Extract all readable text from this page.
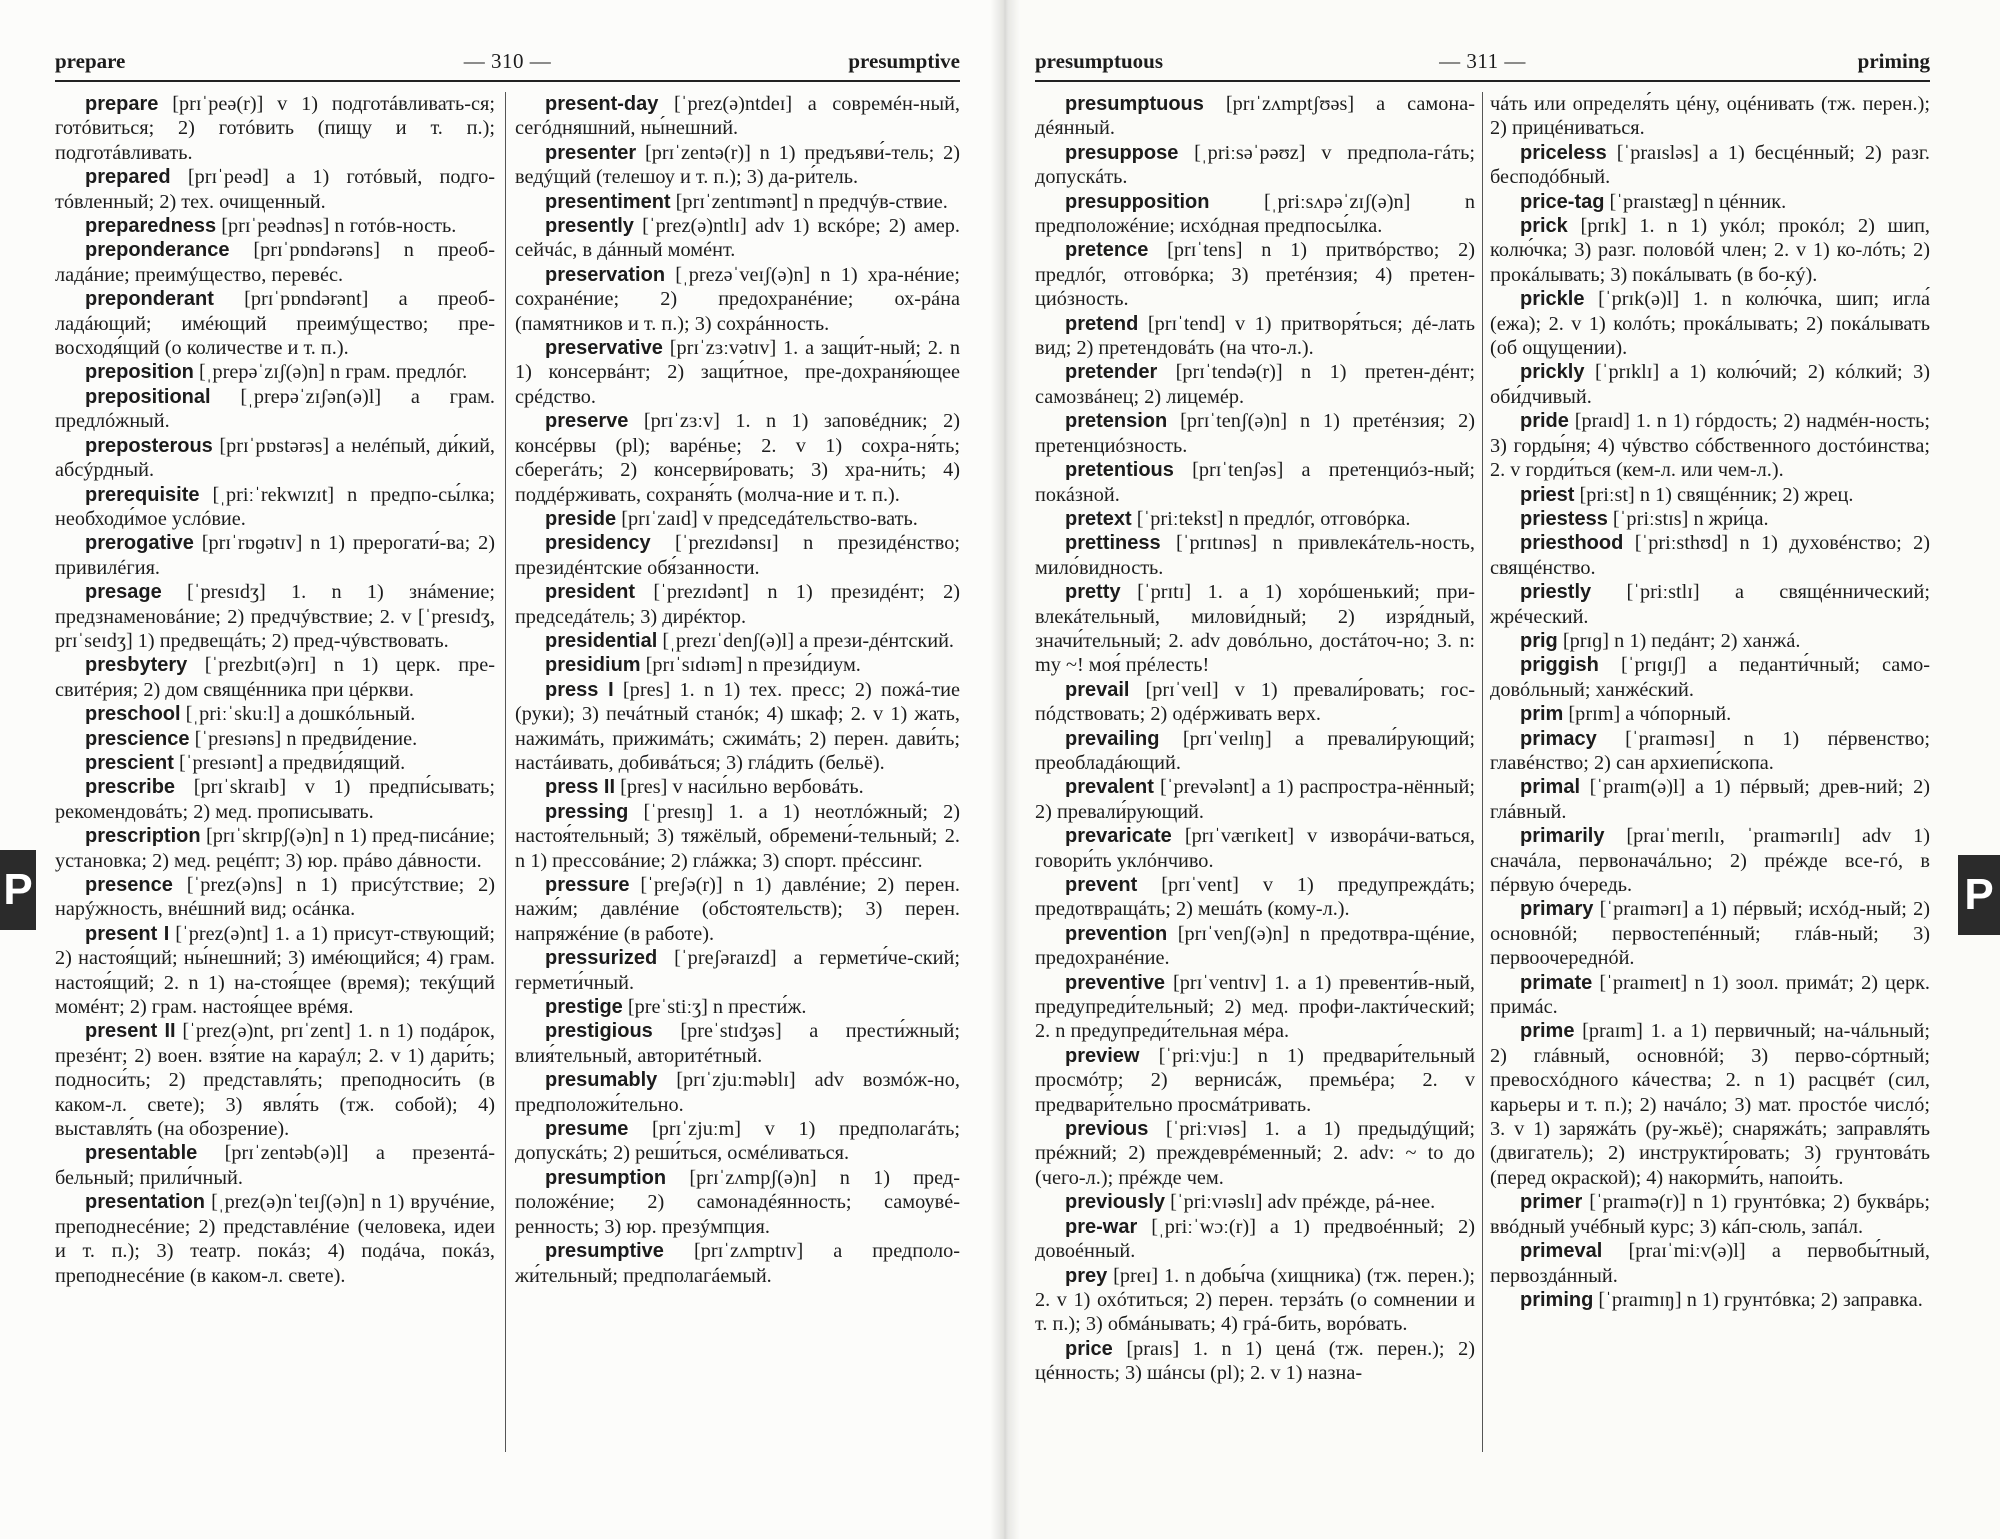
prepare	— 310 —	presumptive

prepare [prɪˈpeə(r)] v 1) подготáвливать-ся; готóвиться; 2) готóвить (пищу и т. п.); подготáвливать.

prepared [prɪˈpeəd] a 1) готóвый, подго-тóвленный; 2) тех. очищенный.

preparedness [prɪˈpeədnəs] n готóв-ность.

preponderance [prɪˈpɒndərəns] n преоб-ладáние; преимýщество, перевéс.

preponderant [prɪˈpɒndərənt] a преоб-ладáющий; имéющий преимýщество; пре-восходя́щий (о количестве и т. п.).

preposition [ˌprepəˈzɪʃ(ə)n] n грам. предлóг.

prepositional [ˌprepəˈzɪʃən(ə)l] a грам. предлóжный.

preposterous [prɪˈpɒstərəs] a нелéпый, ди́кий, абсýрдный.

prerequisite [ˌpriːˈrekwɪzɪt] n предпо-сы́лка; необходи́мое услóвие.

prerogative [prɪˈrɒɡətɪv] n 1) прерогати́-ва; 2) привилéгия.

presage [ˈpresɪdʒ] 1. n 1) знáмение; предзнаменовáние; 2) предчýвствие; 2. v [ˈpresɪdʒ, prɪˈseɪdʒ] 1) предвещáть; 2) пред-чýвствовать.

presbytery [ˈprezbɪt(ə)rɪ] n 1) церк. пре-свитéрия; 2) дом свящéнника при цéркви.

preschool [ˌpriːˈskuːl] a дошкóльный.

prescience [ˈpresɪəns] n предви́дение.

prescient [ˈpresɪənt] a предви́дящий.

prescribe [prɪˈskraɪb] v 1) предпи́сывать; рекомендовáть; 2) мед. прописывать.

prescription [prɪˈskrɪpʃ(ə)n] n 1) пред-писáние; установка; 2) мед. рецéпт; 3) юр. прáво дáвности.

presence [ˈprez(ə)ns] n 1) присýтствие; 2) нарýжность, внéшний вид; осáнка.

present I [ˈprez(ə)nt] 1. a 1) присут-ствующий; 2) настоя́щий; ны́нешний; 3) имéющийся; 4) грам. настоя́щий; 2. n 1) на-стоя́щее (время); текýщий момéнт; 2) грам. настоя́щее врéмя.

present II [ˈprez(ə)nt, prɪˈzent] 1. n 1) подáрок, презéнт; 2) воен. взя́тие на карaýл; 2. v 1) дари́ть; подноси́ть; 2) представля́ть; преподноси́ть (в каком-л. свете); 3) явля́ть (тж. собой); 4) выставля́ть (на обозрение).

presentable [prɪˈzentəb(ə)l] a презентá-бельный; прили́чный.

presentation [ˌprez(ə)nˈteɪʃ(ə)n] n 1) вручéние, преподнесéние; 2) представлéние (человека, идеи и т. п.); 3) театр. покáз; 4) подáча, покáз, преподнесéние (в каком-л. свете).

present-day [ˈprez(ə)ntdeɪ] a соврeмéн-ный, сегóдняшний, ны́нешний.

presenter [prɪˈzentə(r)] n 1) предъяви́-тель; 2) ведýщий (телешоу и т. п.); 3) да-ри́тель.

presentiment [prɪˈzentɪmənt] n предчýв-ствие.

presently [ˈprez(ə)ntlɪ] adv 1) вскóре; 2) амер. сейчáс, в дáнный момéнт.

preservation [ˌprezəˈveɪʃ(ə)n] n 1) хра-нéние; сохранéние; 2) предохранéние; ох-рáна (памятников и т. п.); 3) сохрáнность.

preservative [prɪˈzɜːvətɪv] 1. a защи́т-ный; 2. n 1) консервáнт; 2) защи́тное, пре-дохраня́ющее срéдство.

preserve [prɪˈzɜːv] 1. n 1) заповéдник; 2) консéрвы (pl); варéнье; 2. v 1) сохра-ня́ть; сберегáть; 2) консерви́ровать; 3) хра-ни́ть; 4) поддéрживать, сохраня́ть (молча-ние и т. п.).

preside [prɪˈzaɪd] v председáтельство-вать.

presidency [ˈprezɪdənsɪ] n президéнство; президéнтские обя́занности.

president [ˈprezɪdənt] n 1) президéнт; 2) председáтель; 3) дирéктор.

presidential [ˌprezɪˈdenʃ(ə)l] a прези-дéнтский.

presidium [prɪˈsɪdɪəm] n прези́диум.

press I [pres] 1. n 1) тех. пресс; 2) пожá-тие (руки); 3) печáтный станóк; 4) шкаф; 2. v 1) жать, нажимáть, прижимáть; сжимáть; 2) перен. дави́ть; настáивать, добивáться; 3) глáдить (бельё).

press II [pres] v наси́льно вербовáть.

pressing [ˈpresɪŋ] 1. a 1) неотлóжный; 2) настоя́тельный; 3) тяжёлый, обремени́-тельный; 2. n 1) прессовáние; 2) глáжка; 3) спорт. прéссинг.

pressure [ˈpreʃə(r)] n 1) давлéние; 2) перен. нажи́м; давлéние (обстоятельств); 3) перен. напряжéние (в работе).

pressurized [ˈpreʃəraɪzd] a гермети́че-ский; гермети́чный.

prestige [preˈstiːʒ] n прести́ж.

prestigious [preˈstɪdʒəs] a прести́жный; влия́тельный, авторитéтный.

presumably [prɪˈzjuːməblɪ] adv возмóж-но, предположи́тельно.

presume [prɪˈzjuːm] v 1) предполагáть; допускáть; 2) реши́ться, осмéливаться.

presumption [prɪˈzʌmpʃ(ə)n] n 1) пред-положéние; 2) самонадéянность; самоувé-ренность; 3) юр. презýмпция.

presumptive [prɪˈzʌmptɪv] a предполо-жи́тельный; предполагáемый.

P
presumptuous	— 311 —	priming

presumptuous [prɪˈzʌmptʃʊəs] a самона-дéянный.

presuppose [ˌpriːsəˈpəʊz] v предпола-гáть; допускáть.

presupposition	[ˌpriːsʌpəˈzɪʃ(ə)n] n предположéние; исхóдная предпосы́лка.

pretence [prɪˈtens] n 1) притвóрство; 2) предлóг, отговóрка; 3) претéнзия; 4) претен-циóзность.

pretend [prɪˈtend] v 1) притворя́ться; дé-лать вид; 2) претендовáть (на что-л.).

pretender [prɪˈtendə(r)] n 1) претен-дéнт; самозвáнец; 2) лицемéр.

pretension [prɪˈtenʃ(ə)n] n 1) претéнзия; 2) претенциóзность.

pretentious [prɪˈtenʃəs] a претенциóз-ный; покáзной.

pretext [ˈpriːtekst] n предлóг, отговóрка.

prettiness [ˈprɪtɪnəs] n привлекáтель-ность, мило́видность.

pretty [ˈprɪtɪ] 1. a 1) хорóшенький; при-влекáтельный, милови́дный; 2) изря́дный, значи́тельный; 2. adv довóльно, достáточ-но; 3. n: my ~! моя́ прéлесть!

prevail [prɪˈveɪl] v 1) превали́ровать; гос-пóдствовать; 2) одéрживать верх.

prevailing [prɪˈveɪlɪŋ] a превали́рующий; преоблaдáющий.

prevalent [ˈprevələnt] a 1) распростра-нённый; 2) превали́рующий.

prevaricate [prɪˈværɪkeɪt] v изворáчи-ваться, говори́ть уклóнчиво.

prevent [prɪˈvent] v 1) предупреждáть; предотвращáть; 2) мешáть (кому-л.).

prevention [prɪˈvenʃ(ə)n] n предотвра-щéние, предохранéние.

preventive [prɪˈventɪv] 1. a 1) превенти́в-ный, предупреди́тельный; 2) мед. профи-лакти́ческий; 2. n предупреди́тельная мéра.

preview [ˈpriːvjuː] n 1) предвари́тельный просмóтр; 2) вернисáж, премьéра; 2. v предвари́тельно просмáтривать.

previous [ˈpriːvɪəs] 1. a 1) предыдýщий; прéжний; 2) преждеврéменный; 2. adv: ~ to до (чего-л.); прéжде чем.

previously [ˈpriːvɪəslɪ] adv прéжде, рá-нее.

pre-war [ˌpriːˈwɔː(r)] a 1) предвоéнный; 2) довоéнный.

prey [preɪ] 1. n добы́ча (хищника) (тж. перен.); 2. v 1) охóтиться; 2) перен. терзáть (о сомнении и т. п.); 3) обмáнывать; 4) грá-бить, ворóвать.

price [praɪs] 1. n 1) ценá (тж. перен.); 2) цéнность; 3) шáнсы (pl); 2. v 1) назна-

чáть или определя́ть цéну, оцéнивать (тж. перен.); 2) прицéниваться.

priceless [ˈpraɪsləs] a 1) бесцéнный; 2) разг. бесподóбный.

price-tag [ˈpraɪstæɡ] n цéнник.

prick [prɪk] 1. n 1) укóл; прокóл; 2) шип, колю́чка; 3) разг. половóй член; 2. v 1) ко-лóть; 2) прокáлывать; 3) покáлывать (в бо-кý).

prickle [ˈprɪk(ə)l] 1. n колю́чка, шип; игла́ (ежа); 2. v 1) колóть; прокáлывать; 2) покáлывать (об ощущении).

prickly [ˈprɪklɪ] a 1) колю́чий; 2) кóлкий; 3) оби́дчивый.

pride [praɪd] 1. n 1) гóрдость; 2) надмéн-ность; 3) горды́ня; 4) чýвство сóбственного достóинства; 2. v горди́ться (кем-л. или чем-л.).

priest [priːst] n 1) свящéнник; 2) жрец.

priestess [ˈpriːstɪs] n жри́ца.

priesthood [ˈpriːsthʊd] n 1) духовéнство; 2) свящéнство.

priestly [ˈpriːstlɪ] a свящéннический; жрéческий.

prig [prɪɡ] n 1) педáнт; 2) ханжá.

priggish [ˈprɪɡɪʃ] a педанти́чный; само-довóльный; ханжéский.

prim [prɪm] a чóпорный.

primacy [ˈpraɪməsɪ] n 1) пéрвенство; главéнство; 2) сан архиепи́скопа.

primal [ˈpraɪm(ə)l] a 1) пéрвый; древ-ний; 2) глáвный.

primarily [praɪˈmerɪlɪ, ˈpraɪmərɪlɪ] adv 1) сначáла, первоначáльно; 2) прéжде все-гó, в пéрвую óчередь.

primary [ˈpraɪmərɪ] a 1) пéрвый; исхóд-ный; 2) основнóй; первостепéнный; глáв-ный; 3) первоочереднóй.

primate [ˈpraɪmeɪt] n 1) зоол. примáт; 2) церк. примáс.

prime [praɪm] 1. a 1) первичный; на-чáльный; 2) глáвный, основнóй; 3) перво-сóртный; превосхóдного кáчества; 2. n 1) расцвéт (сил, карьеры и т. п.); 2) начáло; 3) мат. простóе числó; 3. v 1) заряжáть (ру-жьё); снаряжáть; заправля́ть (двигатель); 2) инструкти́ровать; 3) грунтовáть (перед окраской); 4) накорми́ть, напои́ть.

primer [ˈpraɪmə(r)] n 1) грунтóвка; 2) буквáрь; ввóдный учéбный курс; 3) кáп-сюль, запáл.

primeval [praɪˈmiːv(ə)l] a первобы́тный, первоздáнный.

priming [ˈpraɪmɪŋ] n 1) грунтóвка; 2) заправка.

P
